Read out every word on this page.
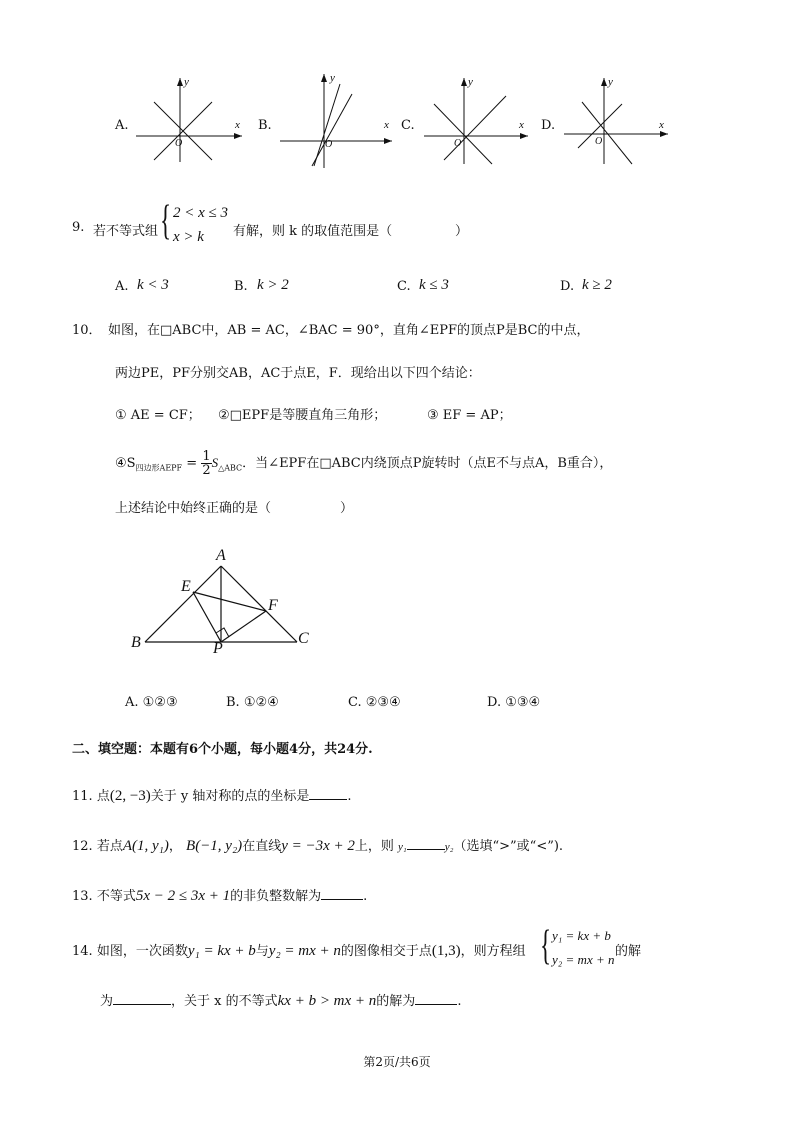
A.
y
x
O
B.
y
x
O
C.
y
x
O
D.
y
x
O
9. 若不等式组 { 2 < x ≤ 3
x > k 有解，则 k 的取值范围是（	）
A. k < 3	B. k > 2	C. k ≤ 3	D. k ≥ 2
10． 如图，在□ABC中，AB = AC，∠BAC = 90°，直角∠EPF的顶点P是BC的中点，
两边PE，PF分别交AB，AC于点E，F．现给出以下四个结论：
① AE = CF； ②□EPF是等腰直角三角形；	③ EF = AP；
$④S_{四边形AEPF} = \frac{1}{2} S_{\triangle ABC}$．当∠EPF在□ABC内绕顶点P旋转时（点E不与点A，B重合），
上述结论中始终正确的是（	）
A
E
F
B	C
P
A. ①②③	B. ①②④	C. ②③④	D. ①③④
二、填空题：本题有6个小题，每小题4分，共24分.
11. 点(2, −3)关于 y 轴对称的点的坐标是	.
12. 若点A(1, y₁)， B(−1, y₂)在直线y = −3x + 2上，则 y₁	y₂（选填“>”或“<”).
13. 不等式5x − 2 ≤ 3x + 1的非负整数解为	.
14. 如图，一次函数y₁ = kx + b与y₂ = mx + n的图像相交于点(1,3)，则方程组 { y₁ = kx + b
y₂ = mx + n
的解
为	，关于 x 的不等式kx + b > mx + n的解为	.
第2页/共6页
